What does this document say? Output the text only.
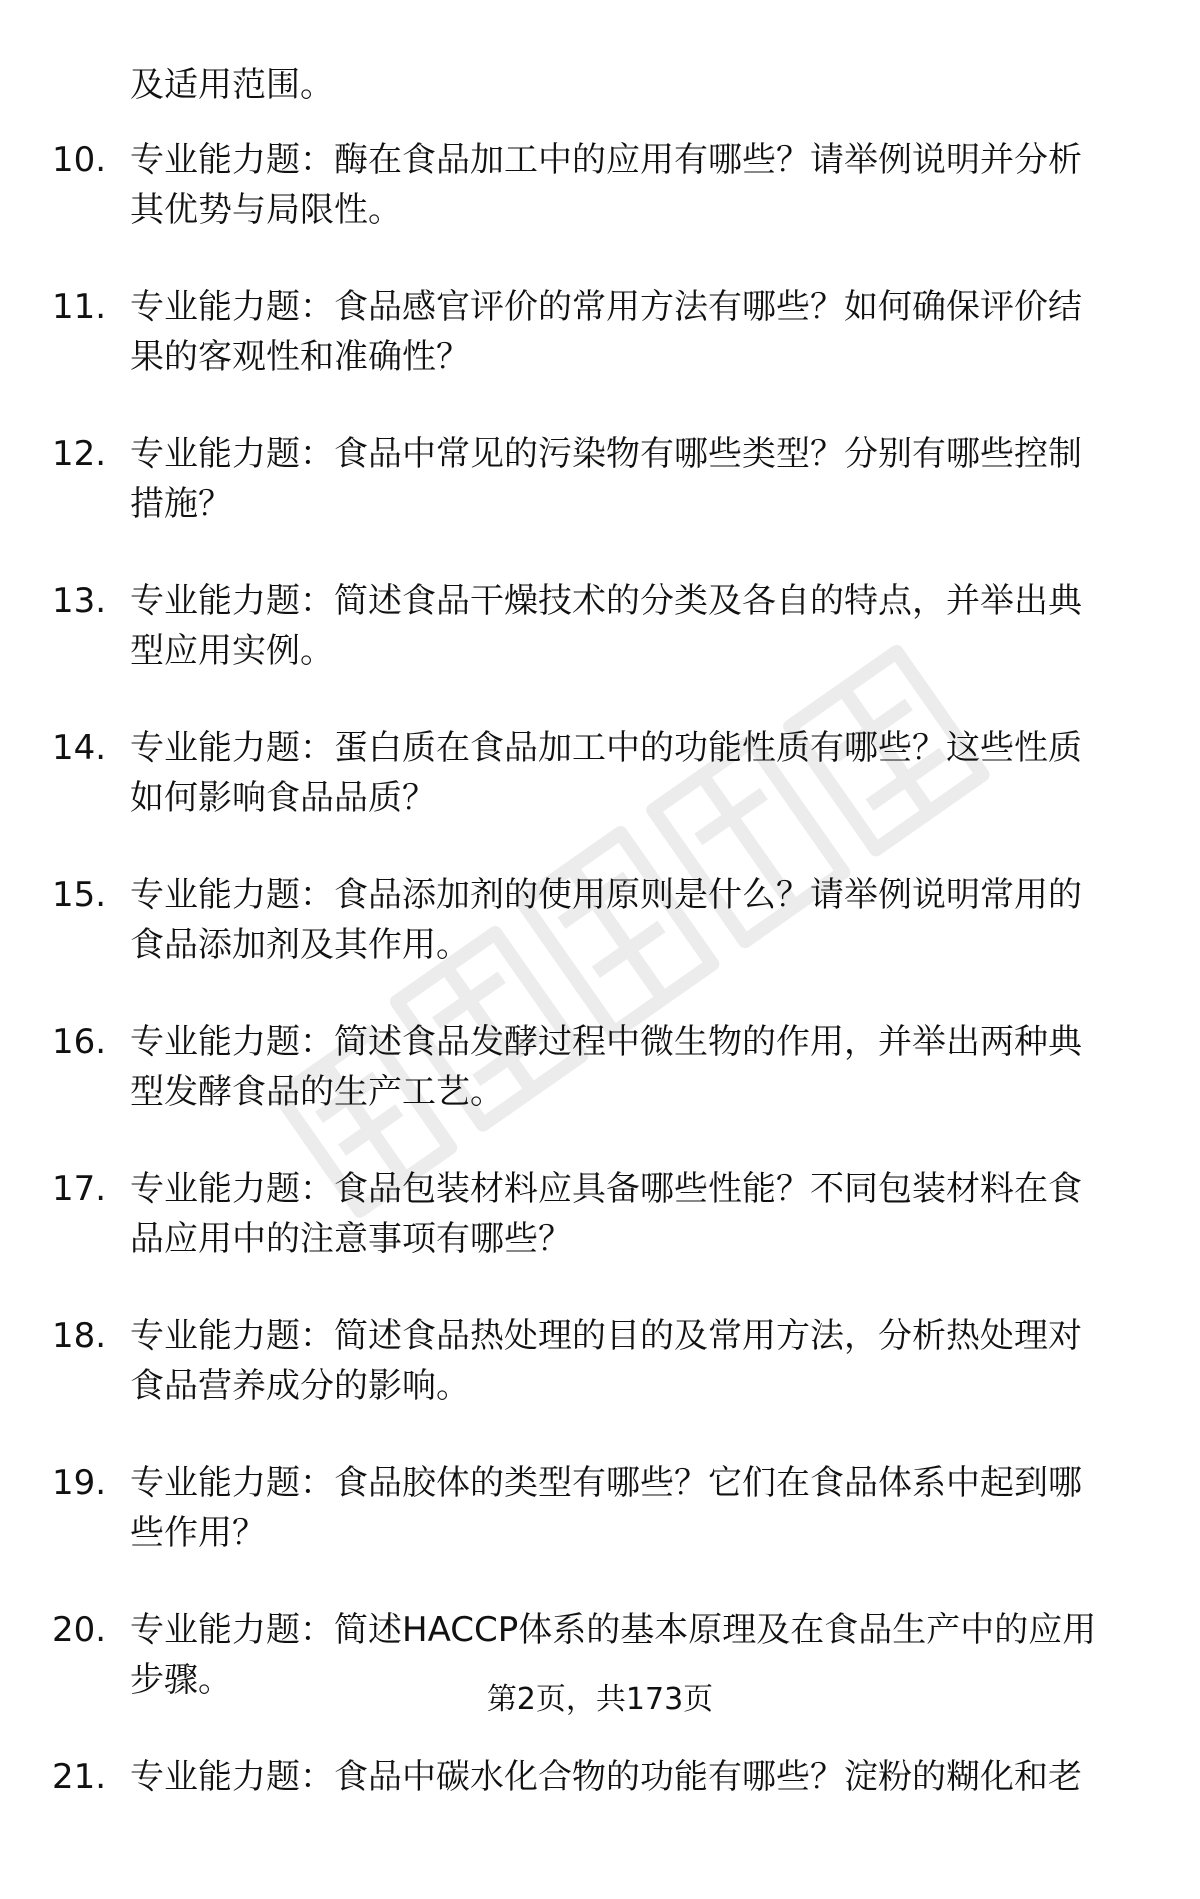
及适用范围。
10. 专业能力题：酶在食品加工中的应用有哪些？请举例说明并分析
其优势与局限性。
11. 专业能力题：食品感官评价的常用方法有哪些？如何确保评价结
果的客观性和准确性？
12. 专业能力题：食品中常见的污染物有哪些类型？分别有哪些控制
措施？
13. 专业能力题：简述食品干燥技术的分类及各自的特点，并举出典
型应用实例。
14. 专业能力题：蛋白质在食品加工中的功能性质有哪些？这些性质
如何影响食品品质？
15. 专业能力题：食品添加剂的使用原则是什么？请举例说明常用的
食品添加剂及其作用。
16. 专业能力题：简述食品发酵过程中微生物的作用，并举出两种典
型发酵食品的生产工艺。
17. 专业能力题：食品包装材料应具备哪些性能？不同包装材料在食
品应用中的注意事项有哪些？
18. 专业能力题：简述食品热处理的目的及常用方法，分析热处理对
食品营养成分的影响。
19. 专业能力题：食品胶体的类型有哪些？它们在食品体系中起到哪
些作用？
20. 专业能力题：简述HACCP体系的基本原理及在食品生产中的应用
步骤。
21. 专业能力题：食品中碳水化合物的功能有哪些？淀粉的糊化和老
第2页，共173页
